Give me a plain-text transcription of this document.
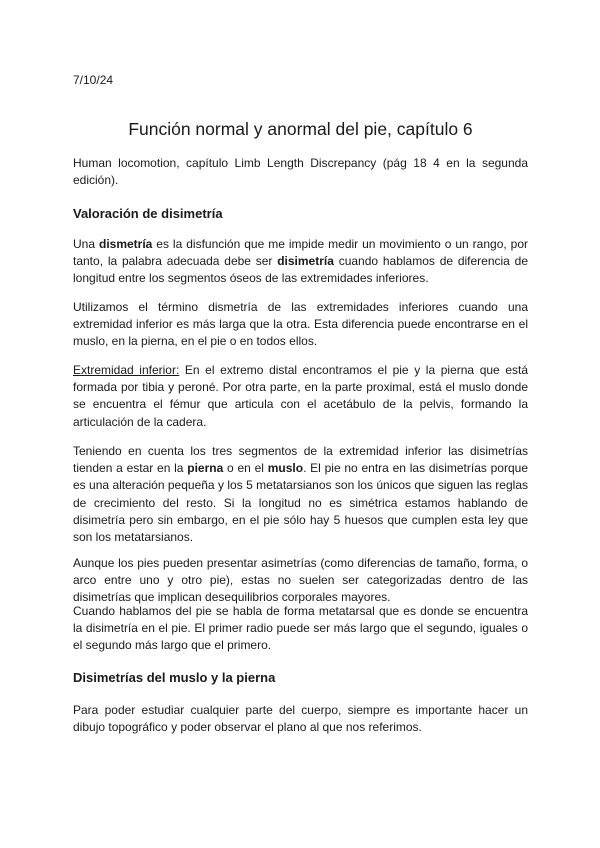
7/10/24
Función normal y anormal del pie, capítulo 6

Human locomotion, capítulo Limb Length Discrepancy (pág 18 4 en la segunda edición).

Valoración de disimetría

Una dismetría es la disfunción que me impide medir un movimiento o un rango, por tanto, la palabra adecuada debe ser disimetría cuando hablamos de diferencia de longitud entre los segmentos óseos de las extremidades inferiores.

Utilizamos el término dismetría de las extremidades inferiores cuando una extremidad inferior es más larga que la otra. Esta diferencia puede encontrarse en el muslo, en la pierna, en el pie o en todos ellos.

Extremidad inferior: En el extremo distal encontramos el pie y la pierna que está formada por tibia y peroné. Por otra parte, en la parte proximal, está el muslo donde se encuentra el fémur que articula con el acetábulo de la pelvis, formando la articulación de la cadera.

Teniendo en cuenta los tres segmentos de la extremidad inferior las disimetrías tienden a estar en la pierna o en el muslo. El pie no entra en las disimetrías porque es una alteración pequeña y los 5 metatarsianos son los únicos que siguen las reglas de crecimiento del resto. Si la longitud no es simétrica estamos hablando de disimetría pero sin embargo, en el pie sólo hay 5 huesos que cumplen esta ley que son los metatarsianos.

Aunque los pies pueden presentar asimetrías (como diferencias de tamaño, forma, o arco entre uno y otro pie), estas no suelen ser categorizadas dentro de las disimetrías que implican desequilibrios corporales mayores.

Cuando hablamos del pie se habla de forma metatarsal que es donde se encuentra la disimetría en el pie. El primer radio puede ser más largo que el segundo, iguales o el segundo más largo que el primero.

Disimetrías del muslo y la pierna

Para poder estudiar cualquier parte del cuerpo, siempre es importante hacer un dibujo topográfico y poder observar el plano al que nos referimos.
